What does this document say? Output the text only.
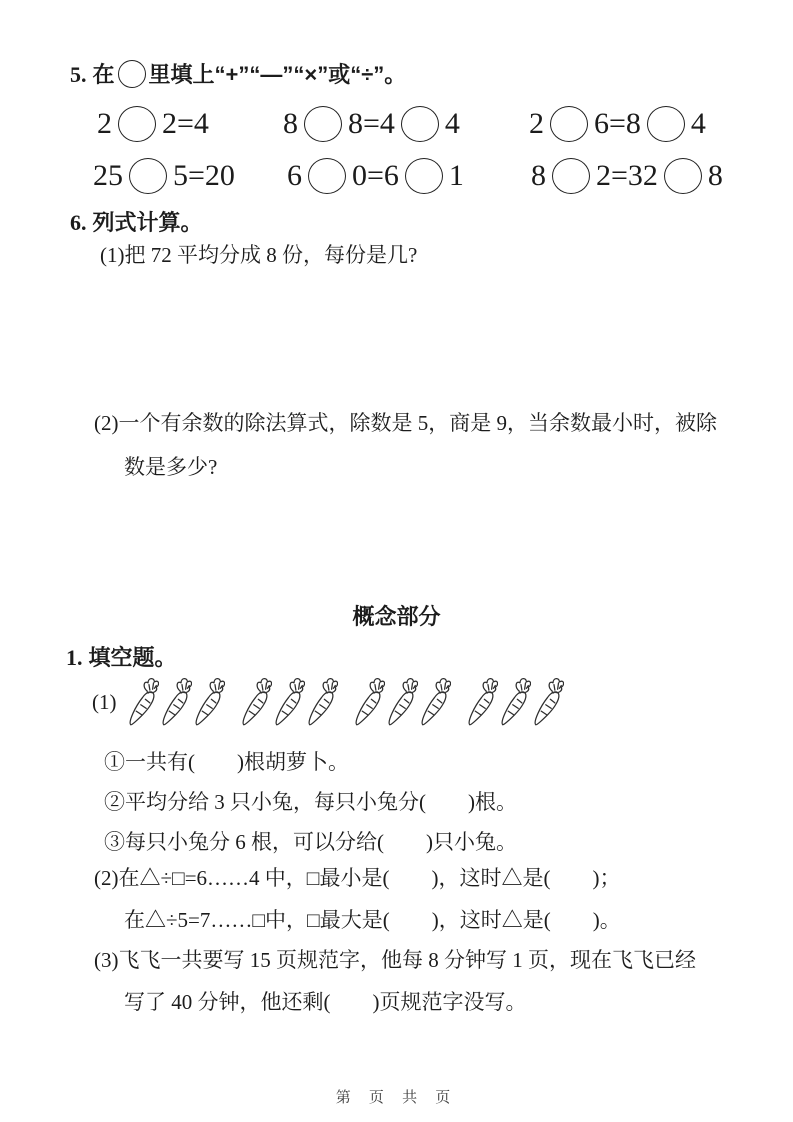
5. 在 里填上“+”“—”“×”或“÷”。
2 2=4 8 8=4 4 2 6=8 4
25 5=20 6 0=6 1 8 2=32 8
6. 列式计算。
(1)把 72 平均分成 8 份，每份是几?
(2)一个有余数的除法算式，除数是 5，商是 9，当余数最小时，被除
数是多少?
概念部分
1. 填空题。
(1)
①一共有(　　)根胡萝卜。
②平均分给 3 只小兔，每只小兔分(　　)根。
③每只小兔分 6 根，可以分给(　　)只小兔。
(2)在△÷□=6……4 中，□最小是(　　)，这时△是(　　)；
在△÷5=7……□中，□最大是(　　)，这时△是(　　)。
(3)飞飞一共要写 15 页规范字，他每 8 分钟写 1 页，现在飞飞已经
写了 40 分钟，他还剩(　　)页规范字没写。
第 页 共 页
